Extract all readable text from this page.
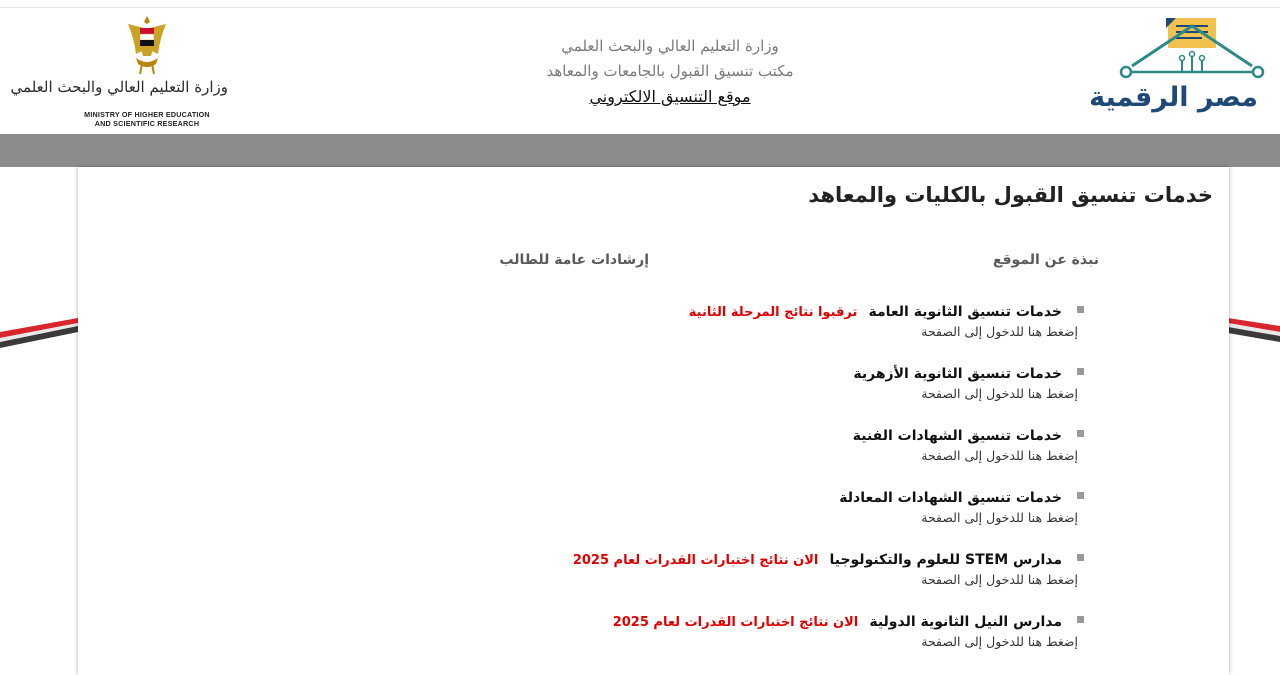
وزارة التعليم العالي والبحث العلمي
MINISTRY OF HIGHER EDUCATION
AND SCIENTIFIC RESEARCH
وزارة التعليم العالي والبحث العلمي
مكتب تنسيق القبول بالجامعات والمعاهد
موقع التنسيق الالكتروني	مصر الرقمية
خدمات تنسيق القبول بالكليات والمعاهد
نبذة عن الموقع
إرشادات عامة للطالب
خدمات تنسيق الثانوية العامة ترقبوا نتائج المرحلة الثانية
إضغط هنا للدخول إلى الصفحة
خدمات تنسيق الثانوية الأزهرية
إضغط هنا للدخول إلى الصفحة
خدمات تنسيق الشهادات الفنية
إضغط هنا للدخول إلى الصفحة
خدمات تنسيق الشهادات المعادلة
إضغط هنا للدخول إلى الصفحة
مدارس STEM للعلوم والتكنولوجيا الان نتائج اختبارات القدرات لعام 2025
إضغط هنا للدخول إلى الصفحة
مدارس النيل الثانوية الدولية الان نتائج اختبارات القدرات لعام 2025
إضغط هنا للدخول إلى الصفحة
